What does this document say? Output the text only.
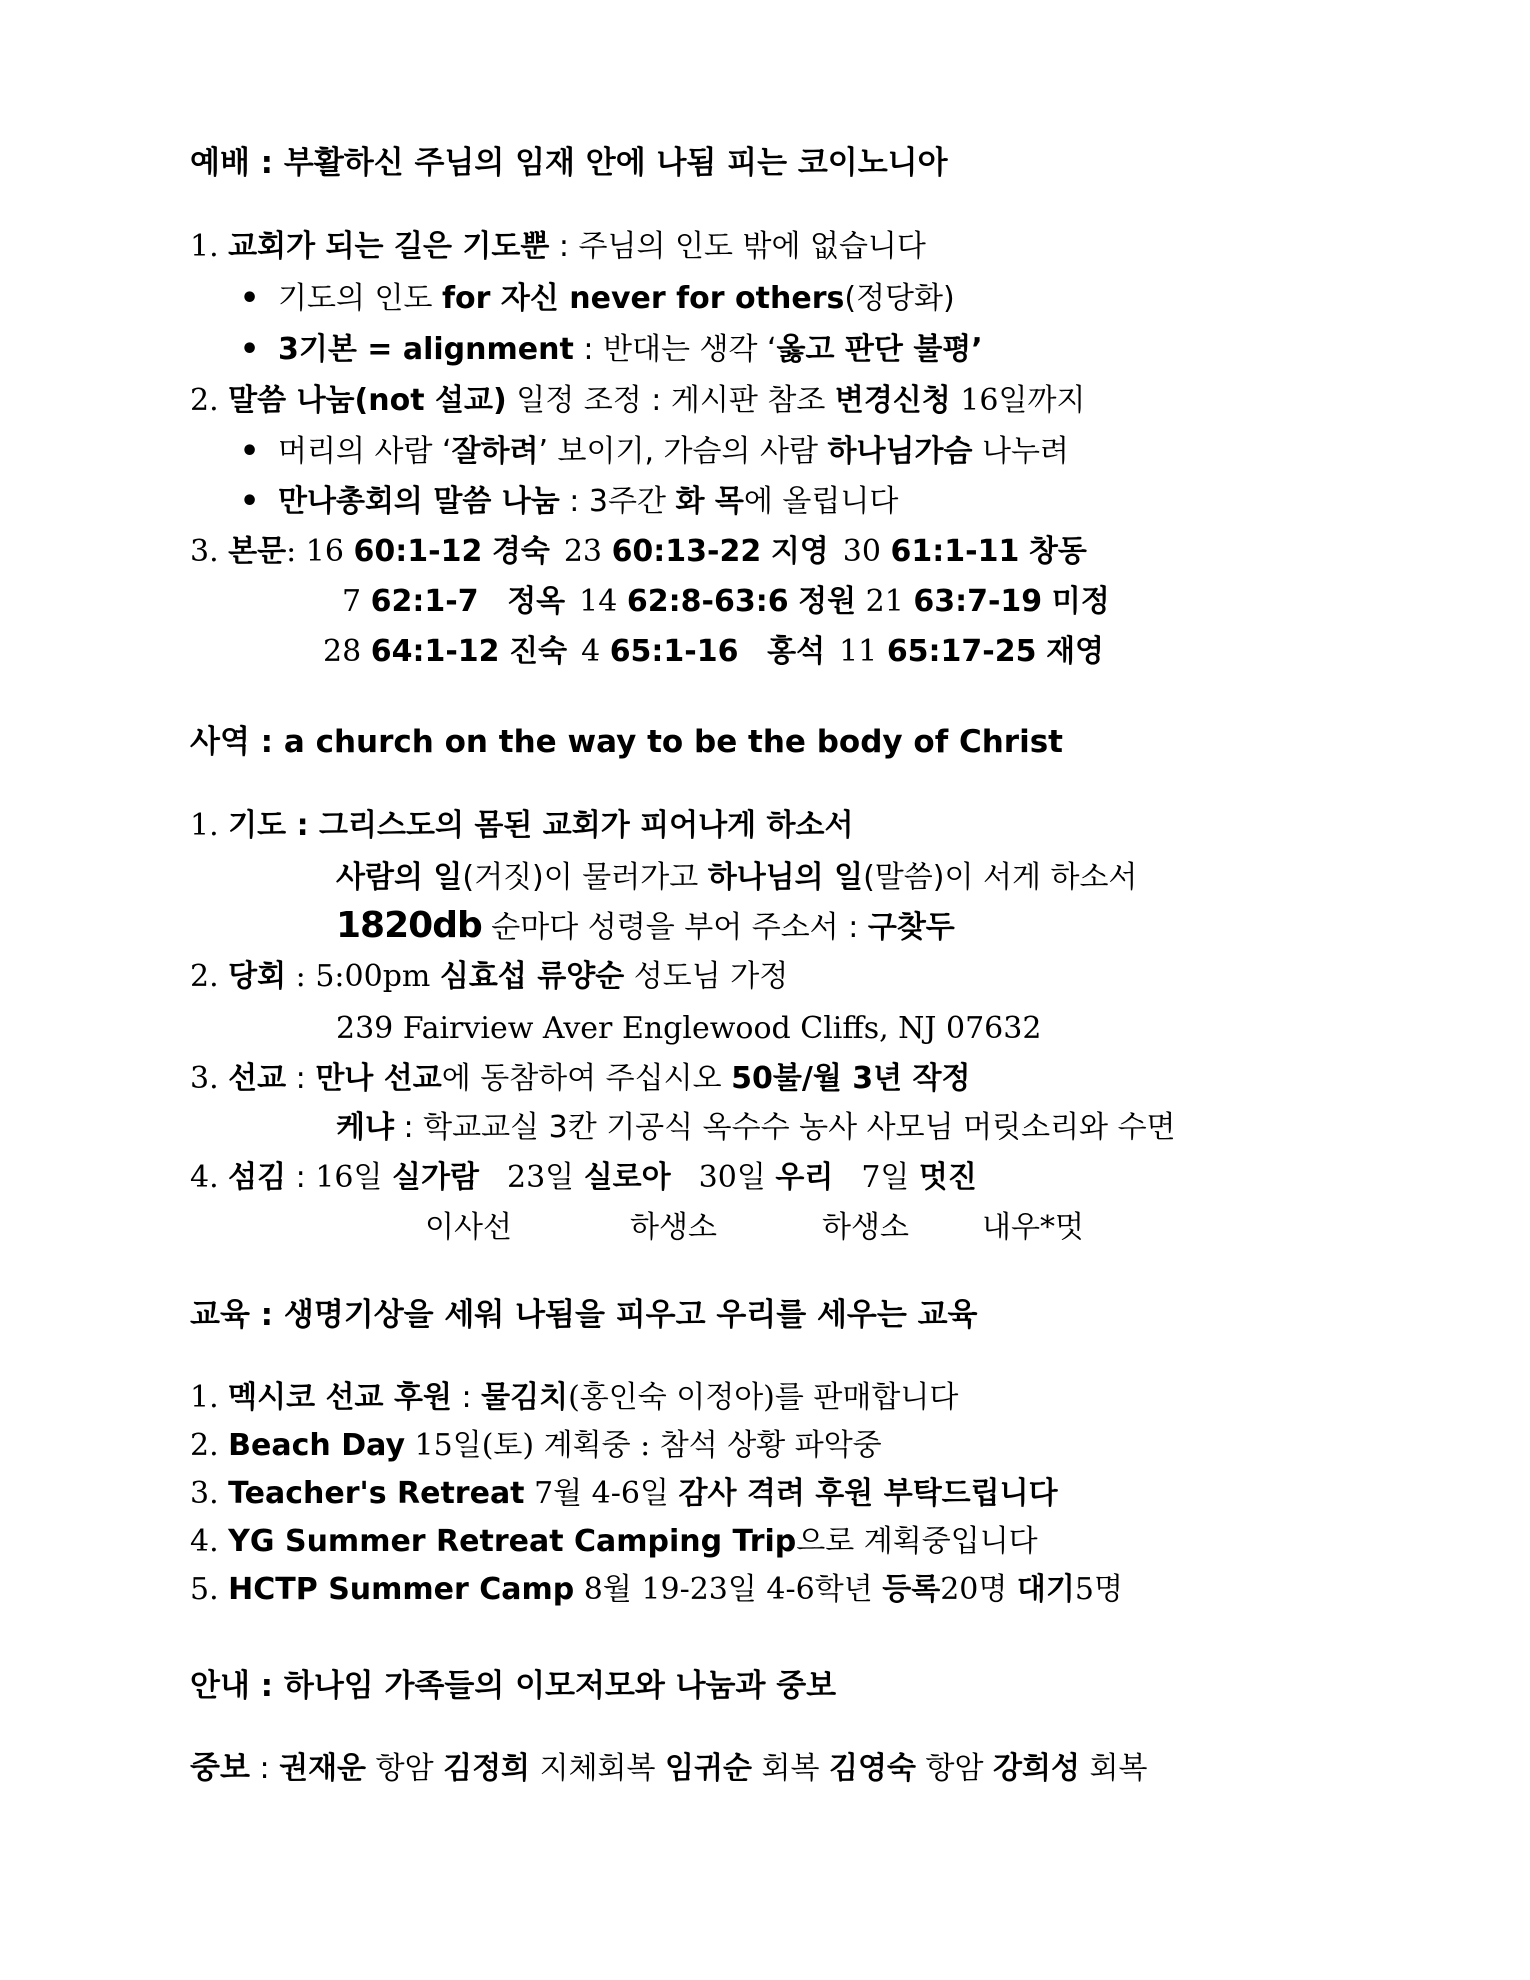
예배 : 부활하신 주님의 임재 안에 나됨 피는 코이노니아
1. 교회가 되는 길은 기도뿐 : 주님의 인도 밖에 없습니다
• 기도의 인도 for 자신 never for others(정당화)
• 3기본 = alignment : 반대는 생각 ‘옳고 판단 불평’
2. 말씀 나눔(not 설교) 일정 조정 : 게시판 참조 변경신청 16일까지
• 머리의 사람 ‘잘하려’ 보이기, 가슴의 사람 하나님가슴 나누려
• 만나총회의 말씀 나눔 : 3주간 화 목에 올립니다
3. 본문: 16 60:1-12 경숙 23 60:13-22 지영 30 61:1-11 창동
7 62:1-7 정옥 14 62:8-63:6 정원 21 63:7-19 미정
28 64:1-12 진숙 4 65:1-16 홍석 11 65:17-25 재영
사역 : a church on the way to be the body of Christ
1. 기도 : 그리스도의 몸된 교회가 피어나게 하소서
사람의 일(거짓)이 물러가고 하나님의 일(말씀)이 서게 하소서
1820db 순마다 성령을 부어 주소서 : 구찾두
2. 당회 : 5:00pm 심효섭 류양순 성도님 가정
239 Fairview Aver Englewood Cliffs, NJ 07632
3. 선교 : 만나 선교에 동참하여 주십시오 50불/월 3년 작정
케냐 : 학교교실 3칸 기공식 옥수수 농사 사모님 머릿소리와 수면
4. 섬김 : 16일 실가람 23일 실로아 30일 우리 7일 멋진
이사선	하생소	하생소 내우*멋
교육 : 생명기상을 세워 나됨을 피우고 우리를 세우는 교육
1. 멕시코 선교 후원 : 물김치(홍인숙 이정아)를 판매합니다
2. Beach Day 15일(토) 계획중 : 참석 상황 파악중
3. Teacher's Retreat 7월 4-6일 감사 격려 후원 부탁드립니다
4. YG Summer Retreat Camping Trip으로 계획중입니다
5. HCTP Summer Camp 8월 19-23일 4-6학년 등록20명 대기5명
안내 : 하나임 가족들의 이모저모와 나눔과 중보
중보 : 권재운 항암 김정희 지체회복 임귀순 회복 김영숙 항암 강희성 회복
